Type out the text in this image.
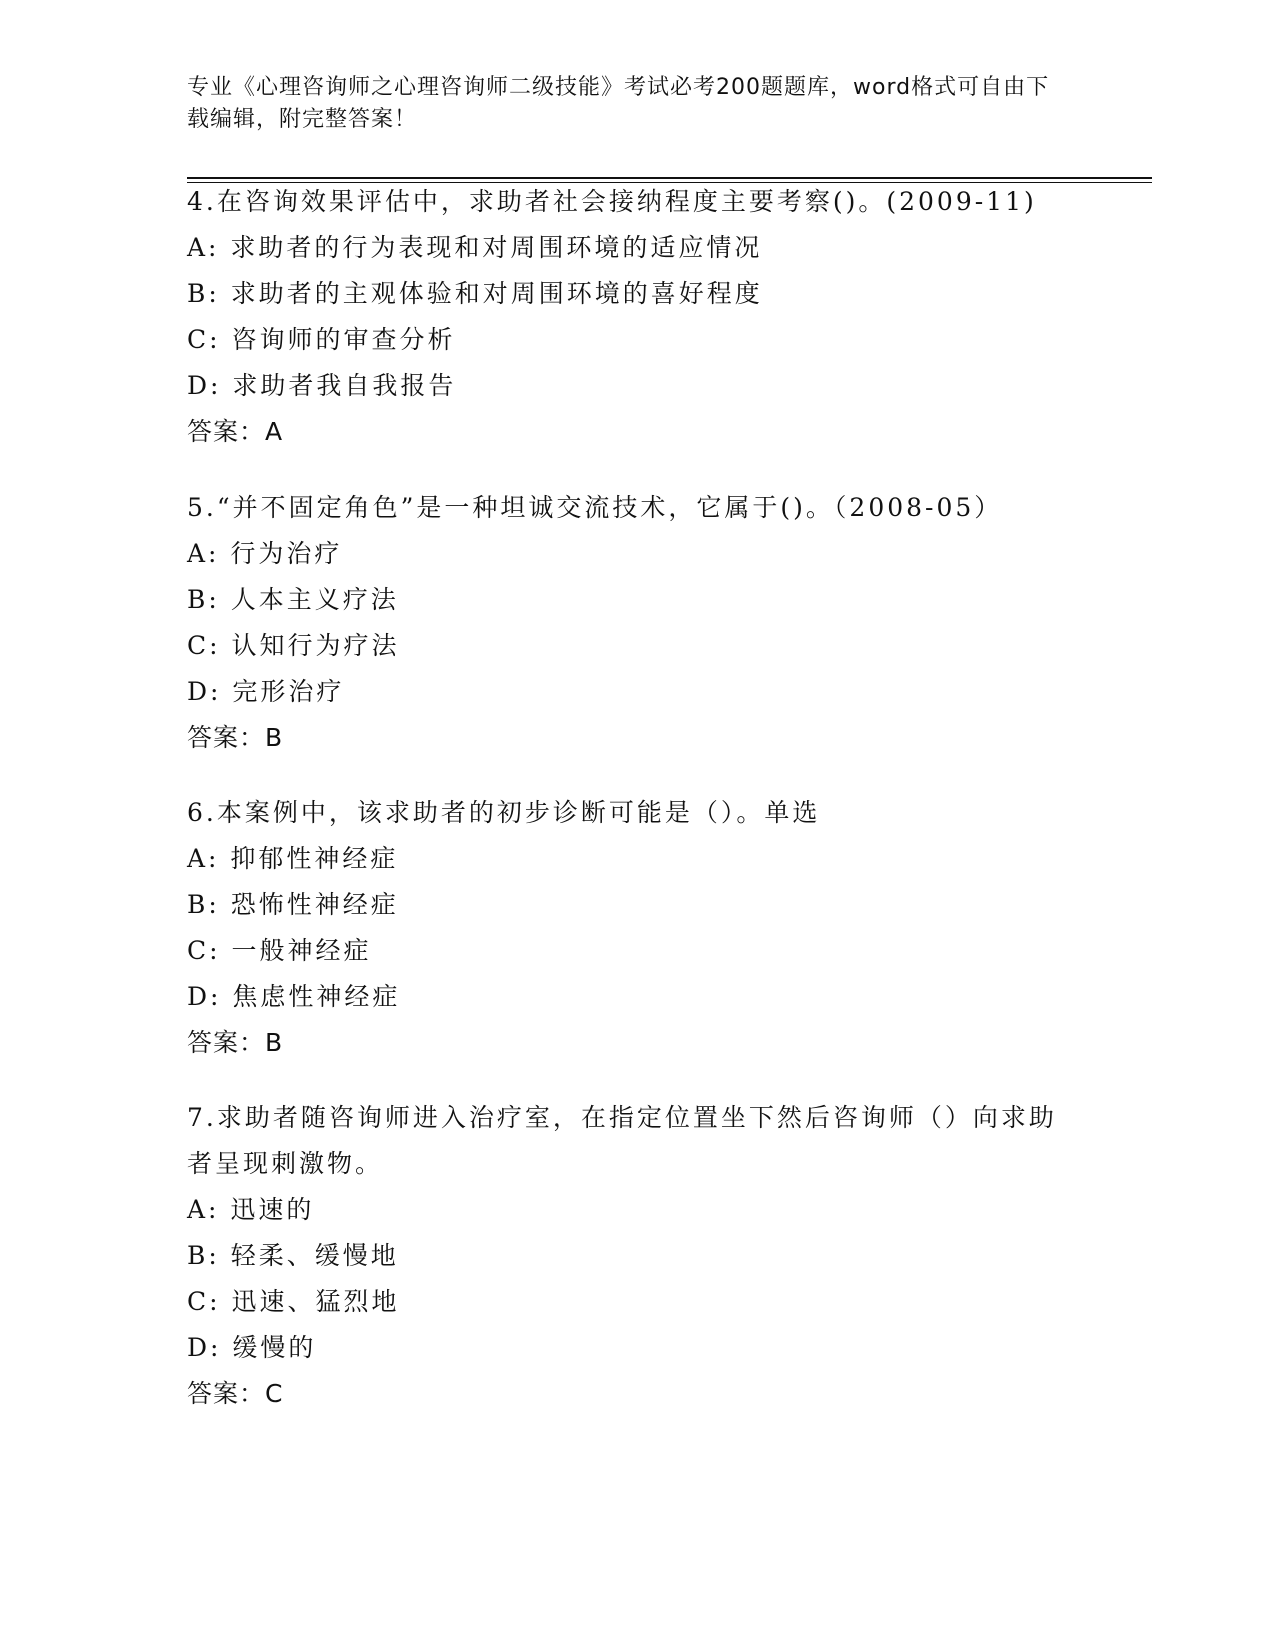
专业《心理咨询师之心理咨询师二级技能》考试必考200题题库，word格式可自由下载编辑，附完整答案！
4.在咨询效果评估中，求助者社会接纳程度主要考察()。(2009-11)
A: 求助者的行为表现和对周围环境的适应情况
B: 求助者的主观体验和对周围环境的喜好程度
C: 咨询师的审查分析
D: 求助者我自我报告
答案：A
5.“并不固定角色”是一种坦诚交流技术，它属于()。（2008-05）
A: 行为治疗
B: 人本主义疗法
C: 认知行为疗法
D: 完形治疗
答案：B
6.本案例中，该求助者的初步诊断可能是（）。单选
A: 抑郁性神经症
B: 恐怖性神经症
C: 一般神经症
D: 焦虑性神经症
答案：B
7.求助者随咨询师进入治疗室，在指定位置坐下然后咨询师（）向求助者呈现刺激物。
A: 迅速的
B: 轻柔、缓慢地
C: 迅速、猛烈地
D: 缓慢的
答案：C
